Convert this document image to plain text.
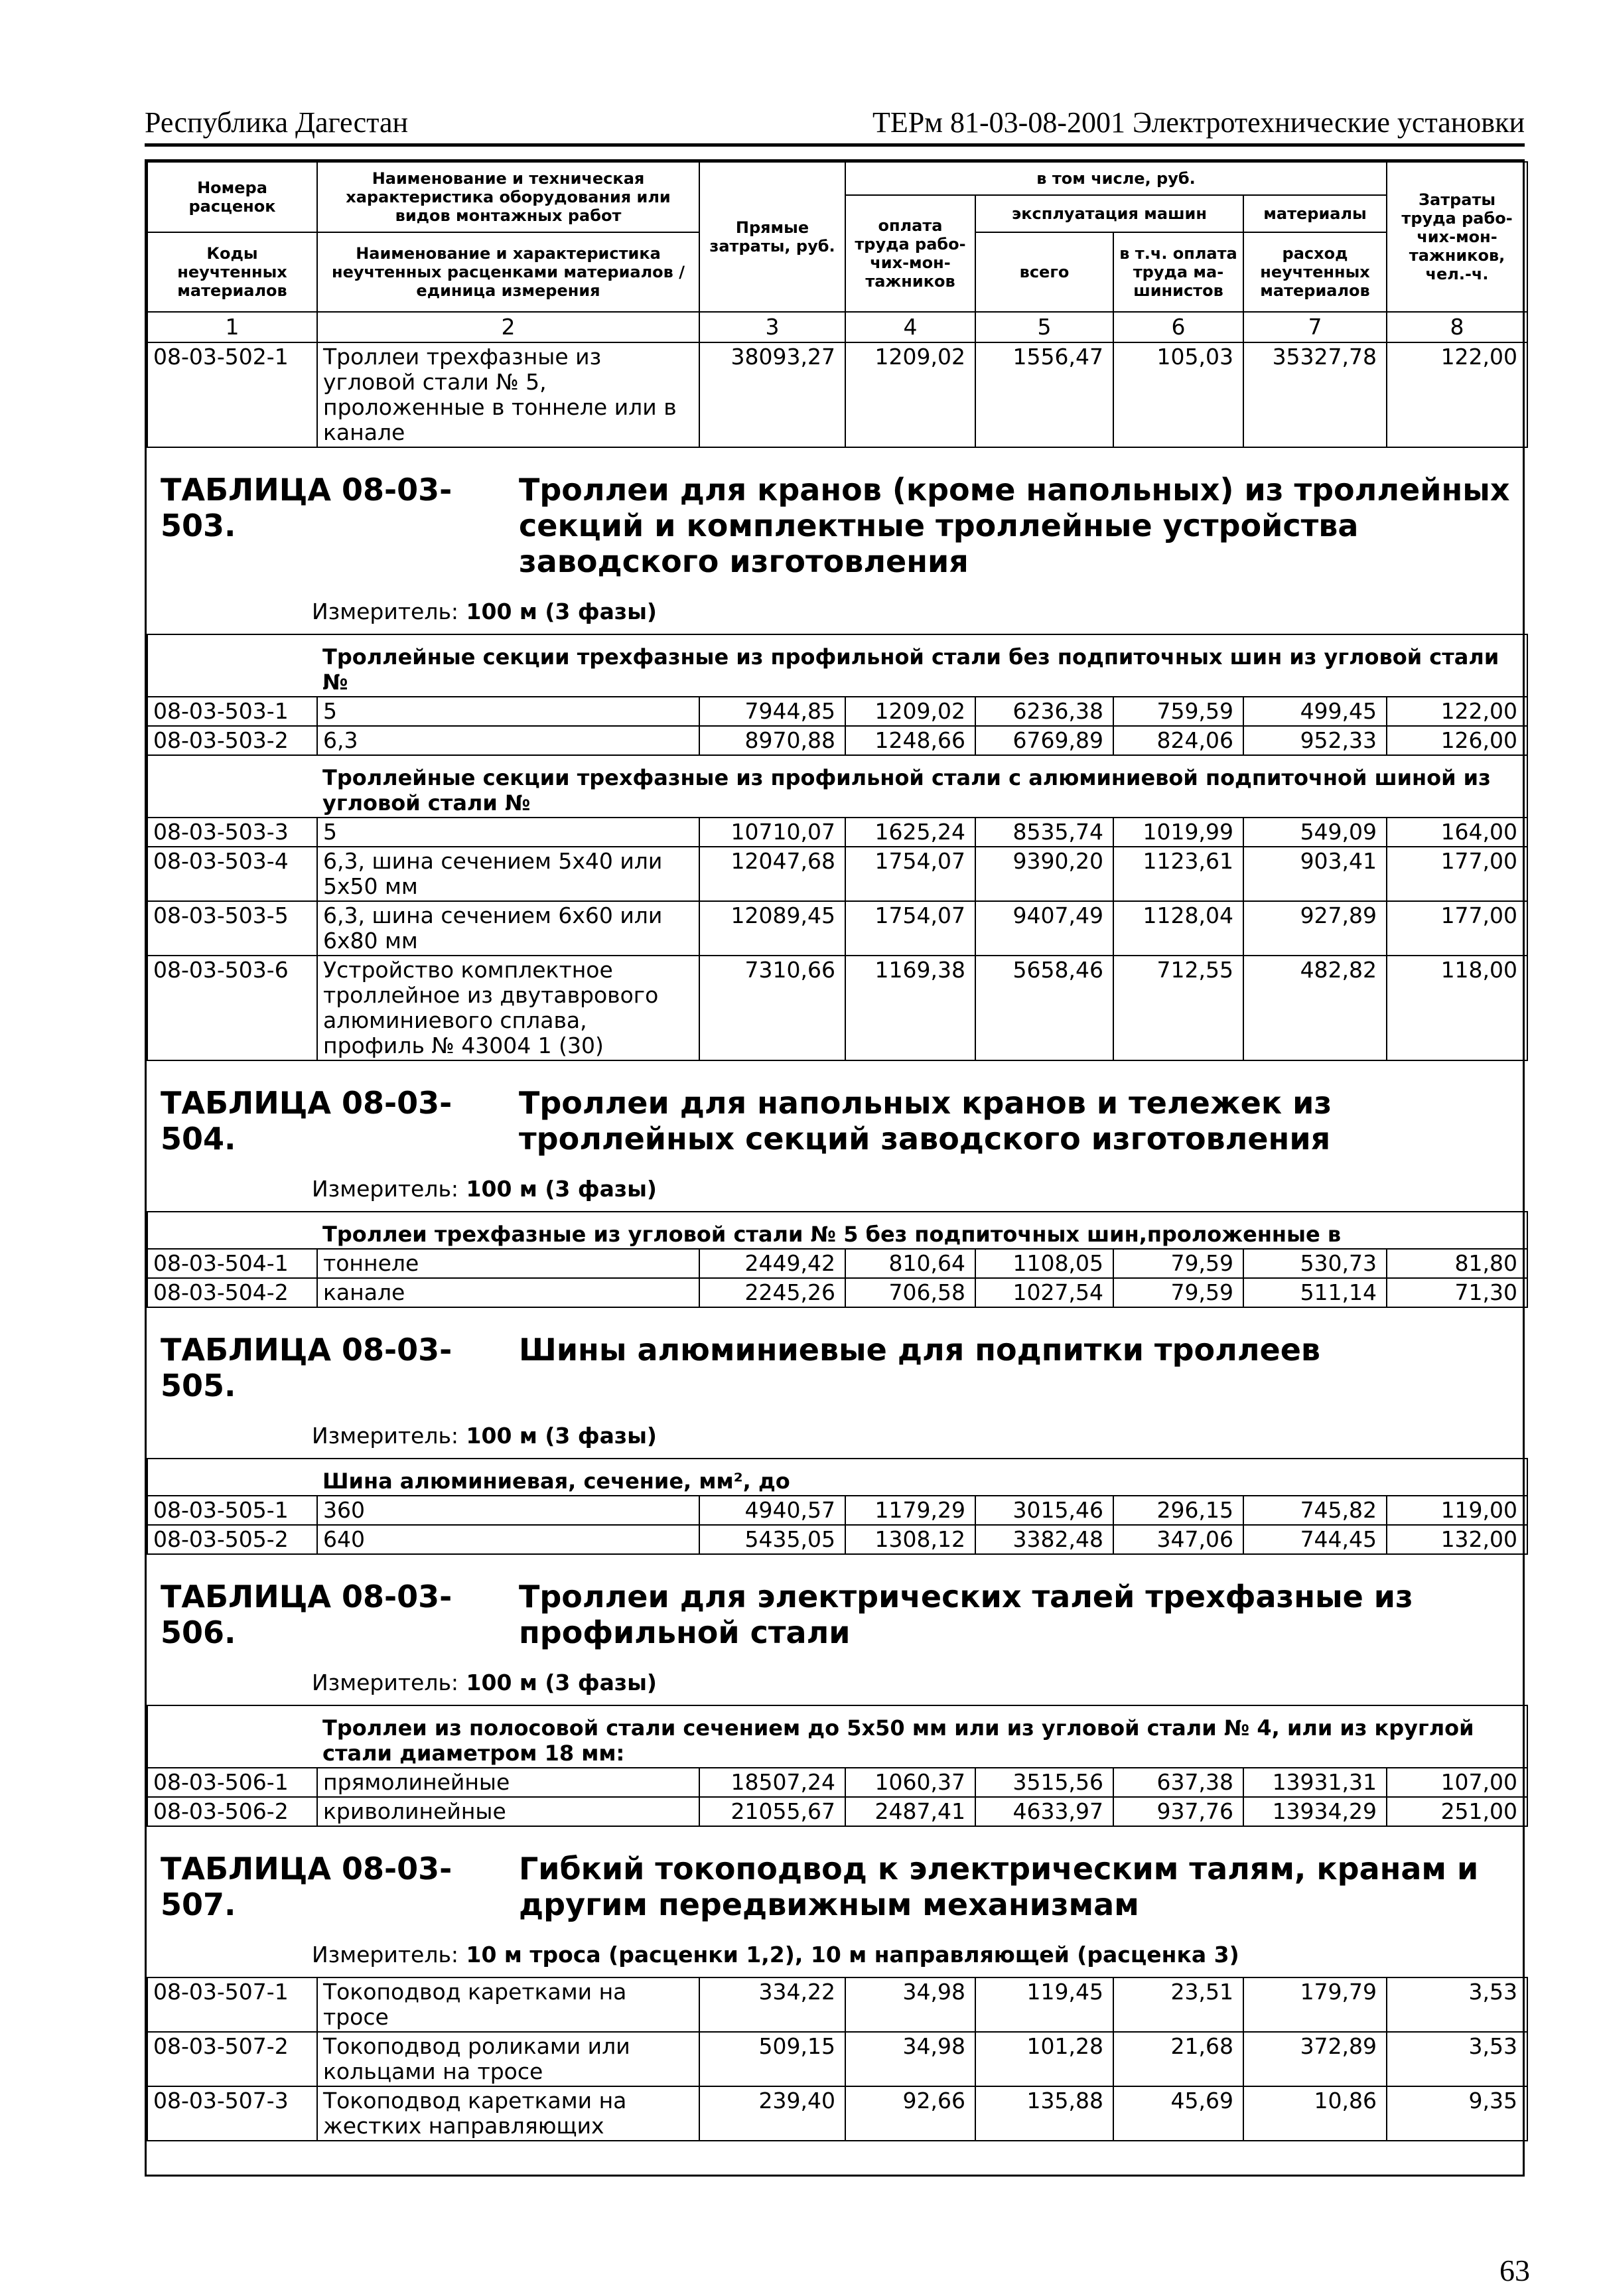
Республика Дагестан	ТЕРм 81-03-08-2001 Электротехнические установки
Номера расценок	Наименование и техническая характеристика оборудования или видов монтажных работ	Прямые затраты, руб.	в том числе, руб.				Затраты труда рабо-чих-мон-тажников, чел.-ч.
			оплата труда рабо-чих-мон-тажников	эксплуатация машин		материалы	
Коды неучтенных материалов	Наименование и характеристика неучтенных расценками материалов / единица измерения			всего	в т.ч. оплата труда ма-шинистов	расход неучтенных материалов	

1	2	3	4	5	6	7	8
08-03-502-1	Троллеи трехфазные из угловой стали № 5, проложенные в тоннеле или в канале	38093,27	1209,02	1556,47	105,03	35327,78	122,00

ТАБЛИЦА 08-03-503.
Троллеи для кранов (кроме напольных) из троллейных секций и комплектные троллейные устройства заводского изготовления							

Измеритель: 100 м (3 фазы)							
	Троллейные секции трехфазные из профильной стали без подпиточных шин из угловой стали №						
08-03-503-1	5	7944,85	1209,02	6236,38	759,59	499,45	122,00
08-03-503-2	6,3	8970,88	1248,66	6769,89	824,06	952,33	126,00
	Троллейные секции трехфазные из профильной стали с алюминиевой подпиточной шиной из угловой стали №						
08-03-503-3	5	10710,07	1625,24	8535,74	1019,99	549,09	164,00
08-03-503-4	6,3, шина сечением 5х40 или 5х50 мм	12047,68	1754,07	9390,20	1123,61	903,41	177,00
08-03-503-5	6,3, шина сечением 6х60 или 6х80 мм	12089,45	1754,07	9407,49	1128,04	927,89	177,00
08-03-503-6	Устройство комплектное троллейное из двутаврового алюминиевого сплава, профиль № 43004 1 (30)	7310,66	1169,38	5658,46	712,55	482,82	118,00

ТАБЛИЦА 08-03-504.
Троллеи для напольных кранов и тележек из троллейных секций заводского изготовления							

Измеритель: 100 м (3 фазы)							
	Троллеи трехфазные из угловой стали № 5 без подпиточных шин,проложенные в						
08-03-504-1	тоннеле	2449,42	810,64	1108,05	79,59	530,73	81,80
08-03-504-2	канале	2245,26	706,58	1027,54	79,59	511,14	71,30

ТАБЛИЦА 08-03-505.
Шины алюминиевые для подпитки троллеев							

Измеритель: 100 м (3 фазы)							
	Шина алюминиевая, сечение, мм², до						
08-03-505-1	360	4940,57	1179,29	3015,46	296,15	745,82	119,00
08-03-505-2	640	5435,05	1308,12	3382,48	347,06	744,45	132,00

ТАБЛИЦА 08-03-506.
Троллеи для электрических талей трехфазные из профильной стали							

Измеритель: 100 м (3 фазы)							
	Троллеи из полосовой стали сечением до 5х50 мм или из угловой стали № 4, или из круглой стали диаметром 18 мм:						
08-03-506-1	прямолинейные	18507,24	1060,37	3515,56	637,38	13931,31	107,00
08-03-506-2	криволинейные	21055,67	2487,41	4633,97	937,76	13934,29	251,00

ТАБЛИЦА 08-03-507.
Гибкий токоподвод к электрическим талям, кранам и другим передвижным механизмам							

Измеритель: 10 м троса (расценки 1,2), 10 м направляющей (расценка 3)							
08-03-507-1	Токоподвод каретками на тросе	334,22	34,98	119,45	23,51	179,79	3,53
08-03-507-2	Токоподвод роликами или кольцами на тросе	509,15	34,98	101,28	21,68	372,89	3,53
08-03-507-3	Токоподвод каретками на жестких направляющих	239,40	92,66	135,88	45,69	10,86	9,35
63
